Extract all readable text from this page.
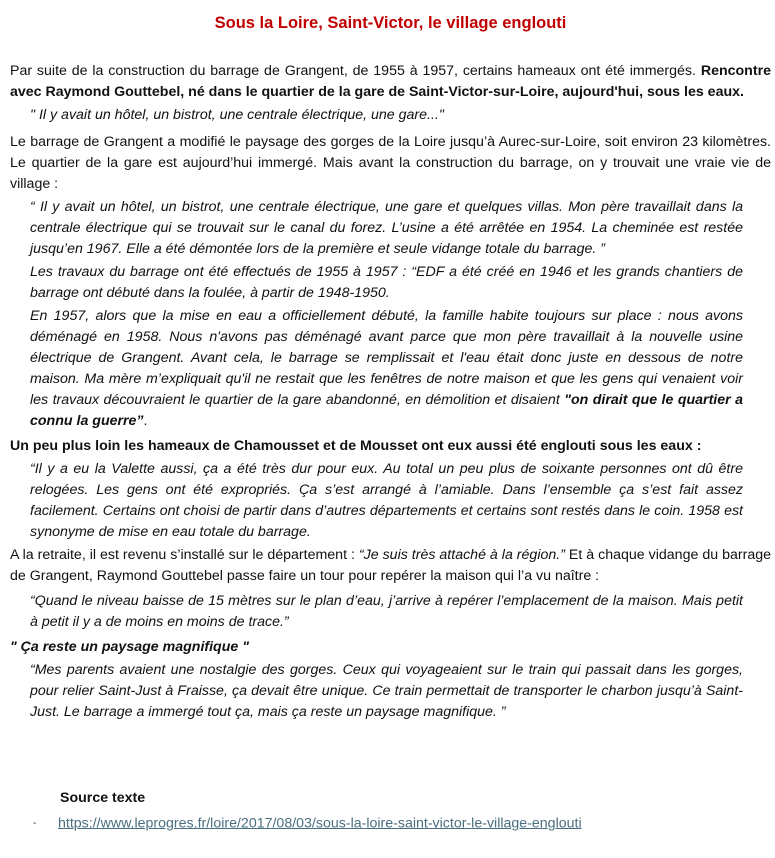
Sous la Loire, Saint-Victor, le village englouti

Par suite de la construction du barrage de Grangent, de 1955 à 1957, certains hameaux ont été immergés. Rencontre avec Raymond Gouttebel, né dans le quartier de la gare de Saint-Victor-sur-Loire, aujourd'hui, sous les eaux.

" Il y avait un hôtel, un bistrot, une centrale électrique, une gare..."

Le barrage de Grangent a modifié le paysage des gorges de la Loire jusqu’à Aurec-sur-Loire, soit environ 23 kilomètres. Le quartier de la gare est aujourd’hui immergé. Mais avant la construction du barrage, on y trouvait une vraie vie de village :

“ Il y avait un hôtel, un bistrot, une centrale électrique, une gare et quelques villas. Mon père travaillait dans la centrale électrique qui se trouvait sur le canal du forez. L’usine a été arrêtée en 1954. La cheminée est restée jusqu’en 1967. Elle a été démontée lors de la première et seule vidange totale du barrage. ”

Les travaux du barrage ont été effectués de 1955 à 1957 : “EDF a été créé en 1946 et les grands chantiers de barrage ont débuté dans la foulée, à partir de 1948-1950.

En 1957, alors que la mise en eau a officiellement débuté, la famille habite toujours sur place : nous avons déménagé en 1958. Nous n'avons pas déménagé avant parce que mon père travaillait à la nouvelle usine électrique de Grangent. Avant cela, le barrage se remplissait et l'eau était donc juste en dessous de notre maison. Ma mère m’expliquait qu'il ne restait que les fenêtres de notre maison et que les gens qui venaient voir les travaux découvraient le quartier de la gare abandonné, en démolition et disaient "on dirait que le quartier a connu la guerre”.

Un peu plus loin les hameaux de Chamousset et de Mousset ont eux aussi été englouti sous les eaux :

“Il y a eu la Valette aussi, ça a été très dur pour eux. Au total un peu plus de soixante personnes ont dû être relogées. Les gens ont été expropriés. Ça s’est arrangé à l’amiable. Dans l’ensemble ça s’est fait assez facilement. Certains ont choisi de partir dans d’autres départements et certains sont restés dans le coin. 1958 est synonyme de mise en eau totale du barrage.

A la retraite, il est revenu s’installé sur le département : “Je suis très attaché à la région.” Et à chaque vidange du barrage de Grangent, Raymond Gouttebel passe faire un tour pour repérer la maison qui l’a vu naître :

“Quand le niveau baisse de 15 mètres sur le plan d’eau, j’arrive à repérer l’emplacement de la maison. Mais petit à petit il y a de moins en moins de trace.”

" Ça reste un paysage magnifique "

“Mes parents avaient une nostalgie des gorges. Ceux qui voyageaient sur le train qui passait dans les gorges, pour relier Saint-Just à Fraisse, ça devait être unique. Ce train permettait de transporter le charbon jusqu’à Saint-Just. Le barrage a immergé tout ça, mais ça reste un paysage magnifique. ”

Source texte
- https://www.leprogres.fr/loire/2017/08/03/sous-la-loire-saint-victor-le-village-englouti
